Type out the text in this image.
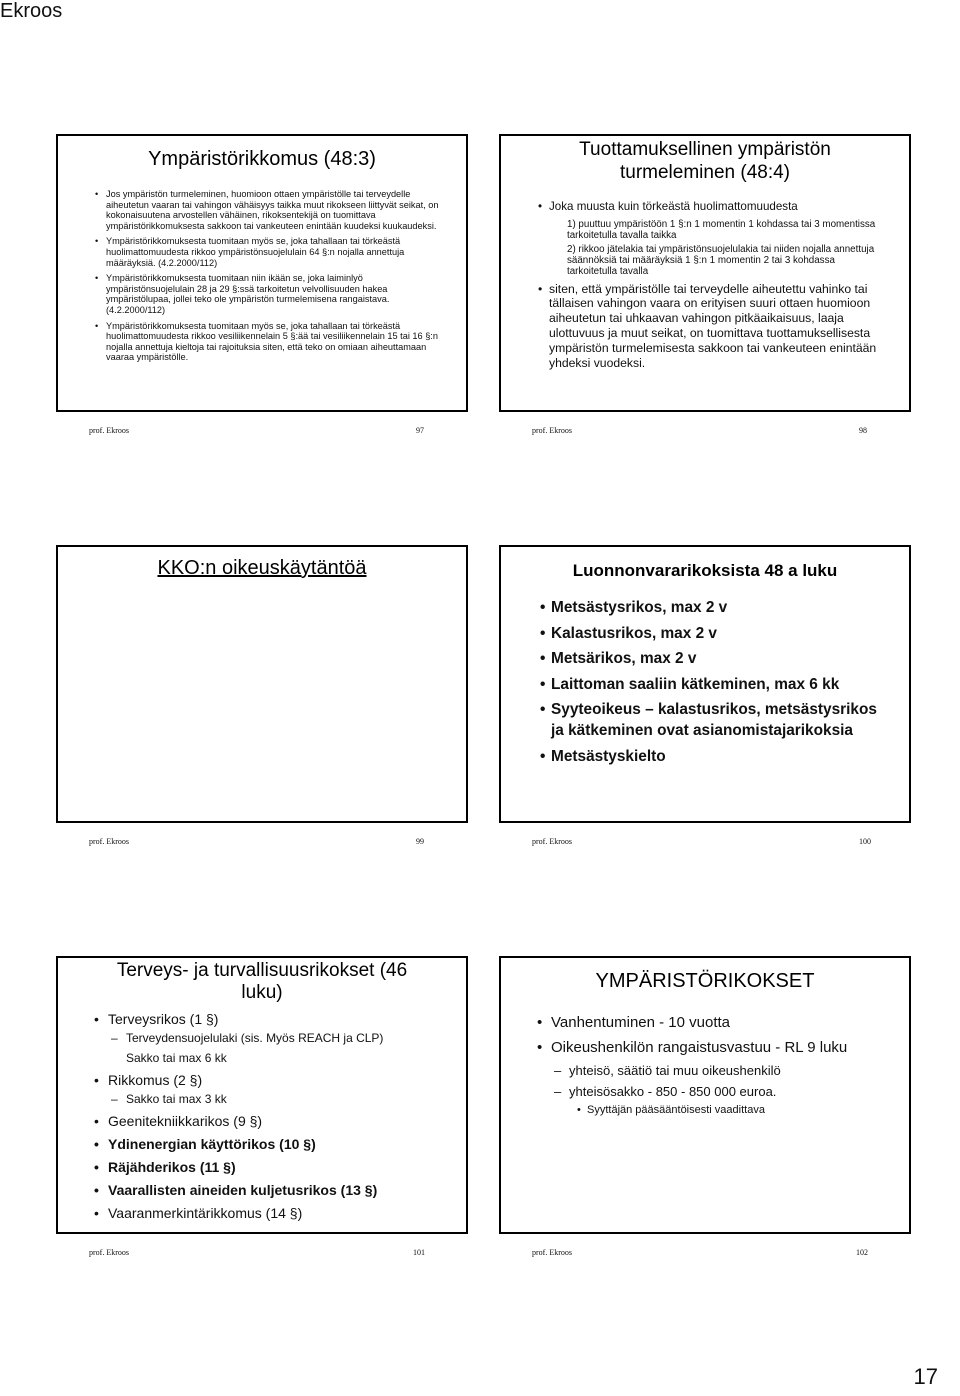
Ekroos
Ympäristörikkomus (48:3)
• Jos ympäristön turmeleminen, huomioon ottaen ympäristölle tai terveydelle aiheutetun vaaran tai vahingon vähäisyys taikka muut rikokseen liittyvät seikat, on kokonaisuutena arvostellen vähäinen, rikoksentekijä on tuomittava ympäristörikkomuksesta sakkoon tai vankeuteen enintään kuudeksi kuukaudeksi.
• Ympäristörikkomuksesta tuomitaan myös se, joka tahallaan tai törkeästä huolimattomuudesta rikkoo ympäristönsuojelulain 64 §:n nojalla annettuja määräyksiä. (4.2.2000/112)
• Ympäristörikkomuksesta tuomitaan niin ikään se, joka laiminlyö ympäristönsuojelulain 28 ja 29 §:ssä tarkoitetun velvollisuuden hakea ympäristölupaa, jollei teko ole ympäristön turmelemisena rangaistava. (4.2.2000/112)
• Ympäristörikkomuksesta tuomitaan myös se, joka tahallaan tai törkeästä huolimattomuudesta rikkoo vesiliikennelain 5 §:ää tai vesiliikennelain 15 tai 16 §:n nojalla annettuja kieltoja tai rajoituksia siten, että teko on omiaan aiheuttamaan vaaraa ympäristölle.
prof. Ekroos	97
Tuottamuksellinen ympäristön turmeleminen (48:4)
• Joka muusta kuin törkeästä huolimattomuudesta
1) puuttuu ympäristöön 1 §:n 1 momentin 1 kohdassa tai 3 momentissa tarkoitetulla tavalla taikka
2) rikkoo jätelakia tai ympäristönsuojelulakia tai niiden nojalla annettuja säännöksiä tai määräyksiä 1 §:n 1 momentin 2 tai 3 kohdassa tarkoitetulla tavalla
• siten, että ympäristölle tai terveydelle aiheutettu vahinko tai tällaisen vahingon vaara on erityisen suuri ottaen huomioon aiheutetun tai uhkaavan vahingon pitkäaikaisuus, laaja ulottuvuus ja muut seikat, on tuomittava tuottamuksellisesta ympäristön turmelemisesta sakkoon tai vankeuteen enintään yhdeksi vuodeksi.
prof. Ekroos	98
KKO:n oikeuskäytäntöä
prof. Ekroos	99
Luonnonvararikoksista 48 a luku
• Metsästysrikos, max 2 v
• Kalastusrikos, max 2 v
• Metsärikos, max 2 v
• Laittoman saaliin kätkeminen, max 6 kk
• Syyteoikeus – kalastusrikos, metsästysrikos ja kätkeminen ovat asianomistajarikoksia
• Metsästyskielto
prof. Ekroos	100
Terveys- ja turvallisuusrikokset (46 luku)
• Terveysrikos (1 §)
– Terveydensuojelulaki (sis. Myös REACH ja CLP)
Sakko tai max 6 kk
• Rikkomus (2 §)
– Sakko tai max 3 kk
• Geenitekniikkarikos (9 §)
• Ydinenergian käyttörikos (10 §)
• Räjähderikos (11 §)
• Vaarallisten aineiden kuljetusrikos (13 §)
• Vaaranmerkintärikkomus (14 §)
prof. Ekroos	101
YMPÄRISTÖRIKOKSET
• Vanhentuminen - 10 vuotta
• Oikeushenkilön rangaistusvastuu - RL 9 luku
– yhteisö, säätiö tai muu oikeushenkilö
– yhteisösakko - 850 - 850 000 euroa.
• Syyttäjän pääsääntöisesti vaadittava
prof. Ekroos	102
17
